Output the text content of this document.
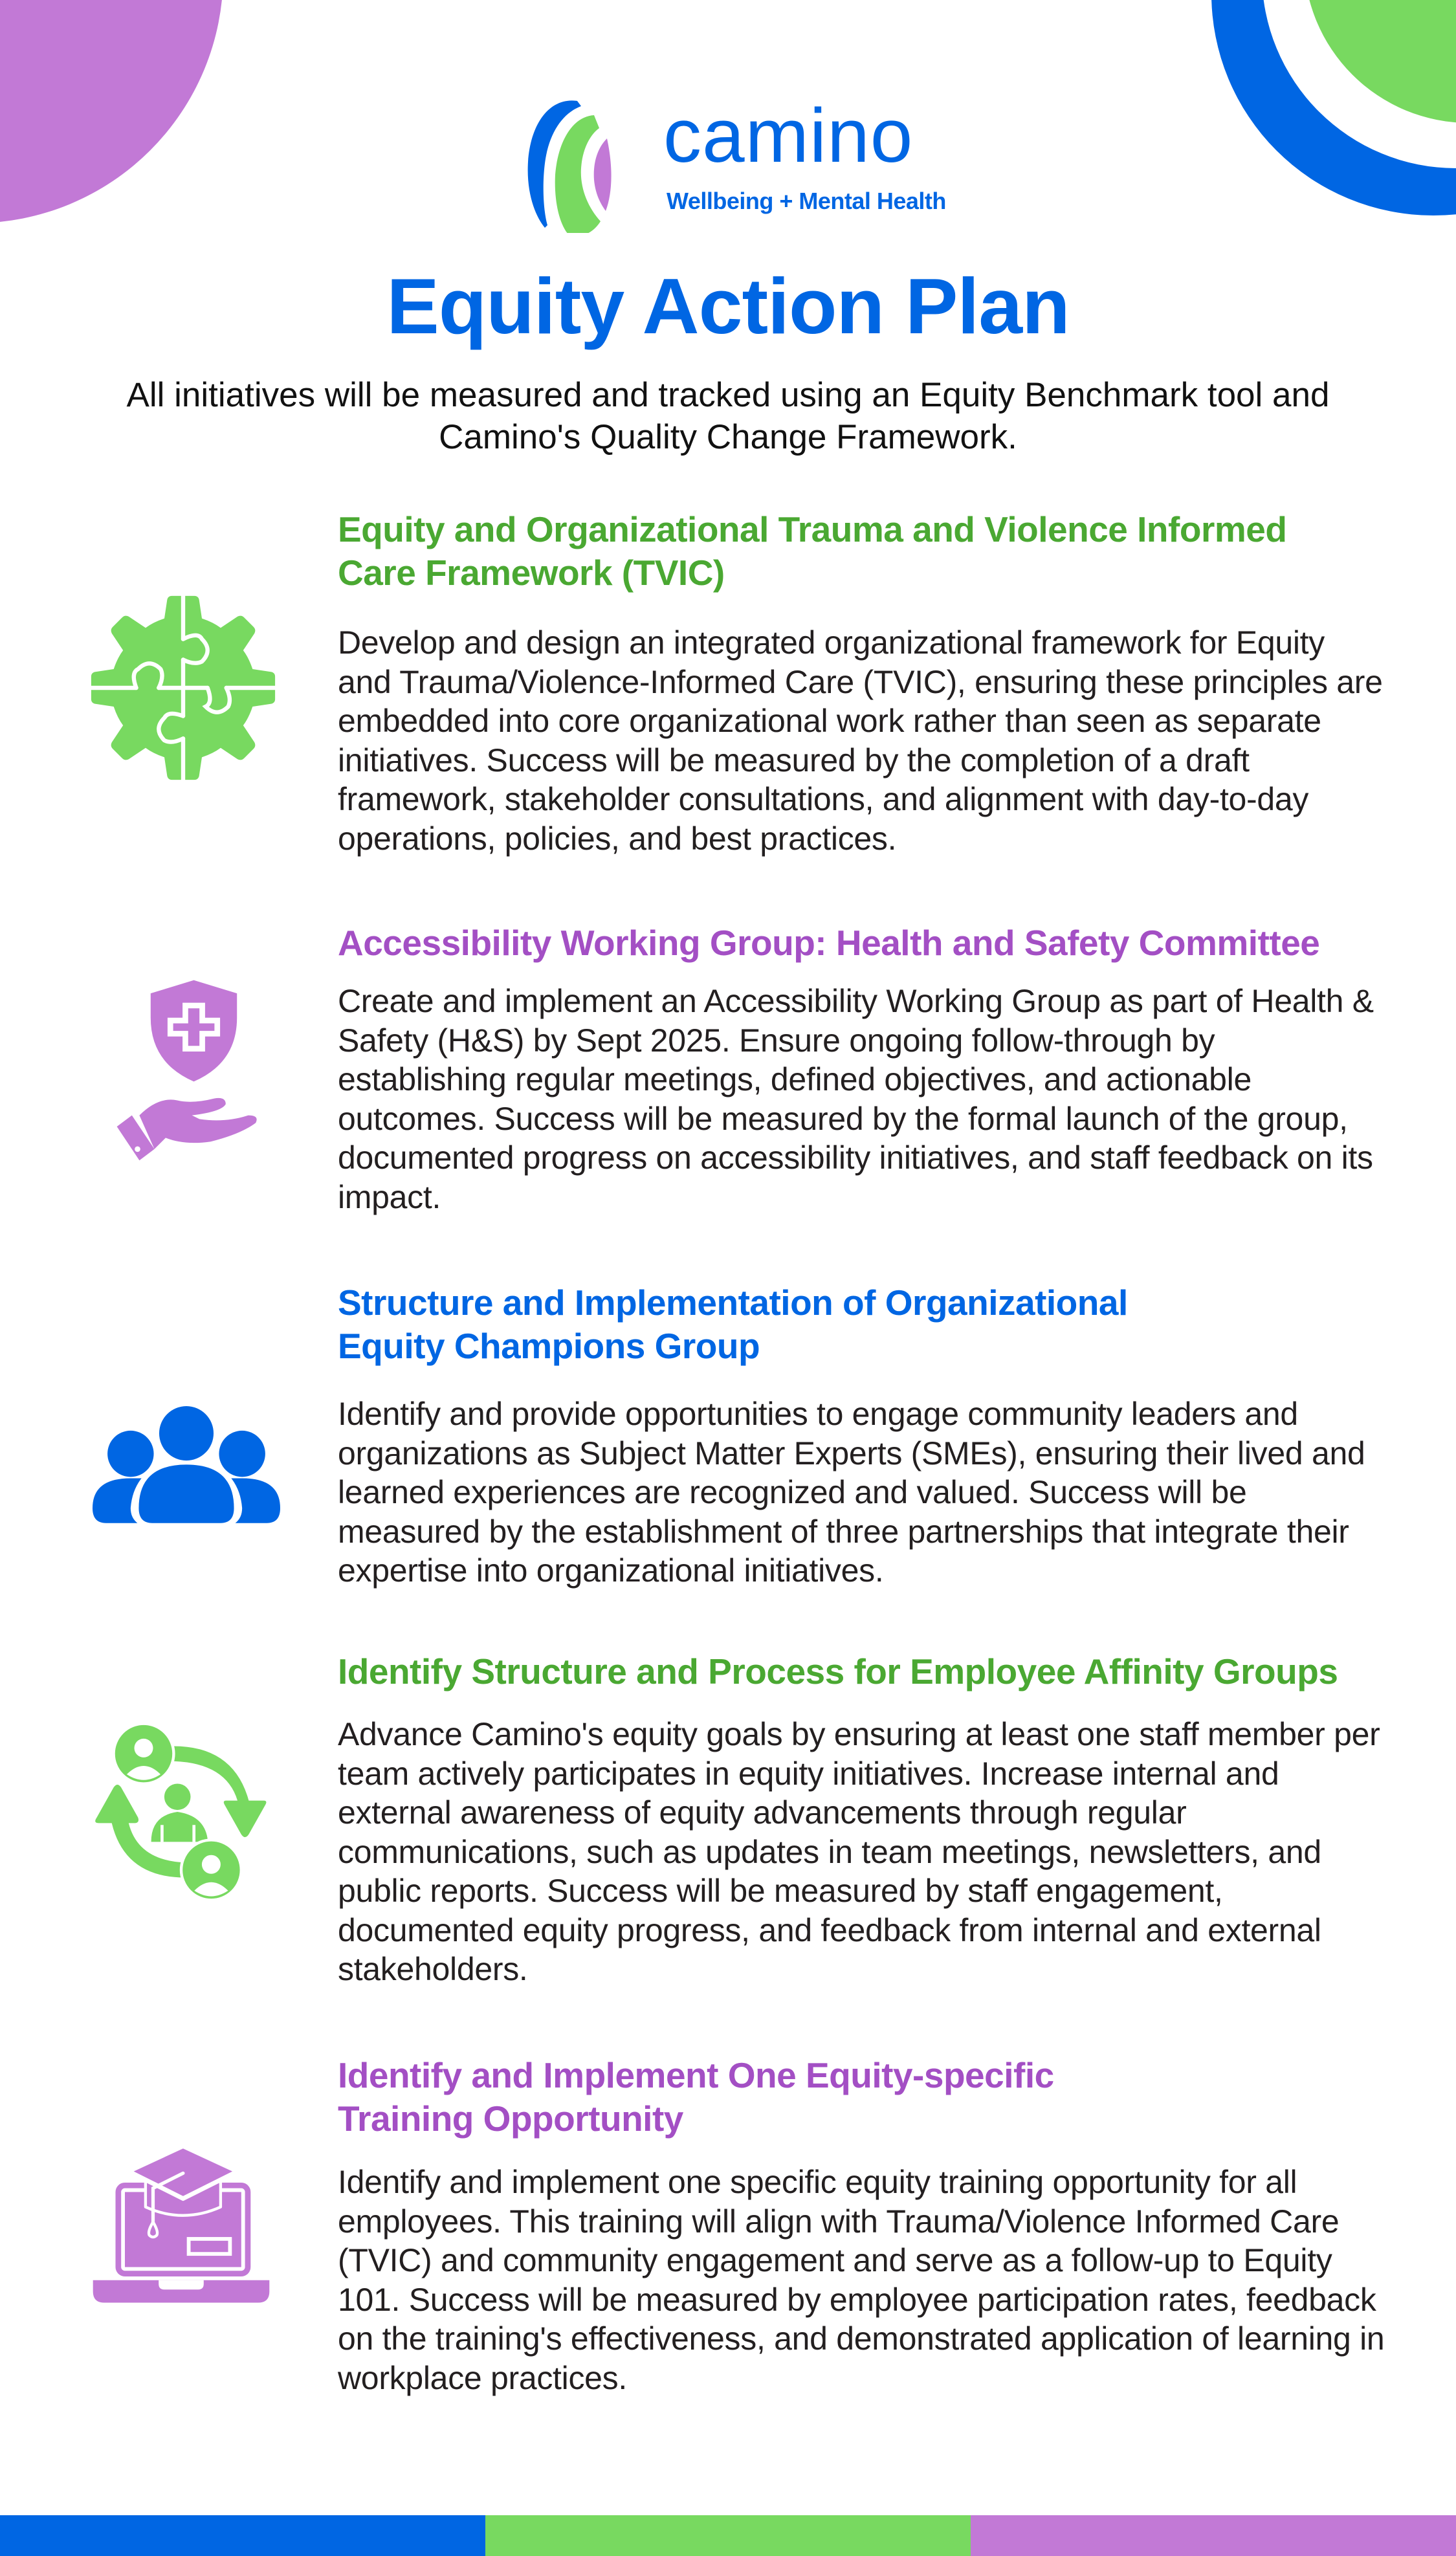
camino
Wellbeing + Mental Health
Equity Action Plan

All initiatives will be measured and tracked using an Equity Benchmark tool and Camino's Quality Change Framework.

Equity and Organizational Trauma and Violence Informed Care Framework (TVIC)

Develop and design an integrated organizational framework for Equity and Trauma/Violence-Informed Care (TVIC), ensuring these principles are embedded into core organizational work rather than seen as separate initiatives. Success will be measured by the completion of a draft framework, stakeholder consultations, and alignment with day-to-day operations, policies, and best practices.

Accessibility Working Group: Health and Safety Committee

Create and implement an Accessibility Working Group as part of Health & Safety (H&S) by Sept 2025. Ensure ongoing follow-through by establishing regular meetings, defined objectives, and actionable outcomes. Success will be measured by the formal launch of the group, documented progress on accessibility initiatives, and staff feedback on its impact.

Structure and Implementation of Organizational Equity Champions Group

Identify and provide opportunities to engage community leaders and organizations as Subject Matter Experts (SMEs), ensuring their lived and learned experiences are recognized and valued. Success will be measured by the establishment of three partnerships that integrate their expertise into organizational initiatives.

Identify Structure and Process for Employee Affinity Groups

Advance Camino's equity goals by ensuring at least one staff member per team actively participates in equity initiatives. Increase internal and external awareness of equity advancements through regular communications, such as updates in team meetings, newsletters, and public reports. Success will be measured by staff engagement, documented equity progress, and feedback from internal and external stakeholders.

Identify and Implement One Equity-specific Training Opportunity

Identify and implement one specific equity training opportunity for all employees. This training will align with Trauma/Violence Informed Care (TVIC) and community engagement and serve as a follow-up to Equity 101. Success will be measured by employee participation rates, feedback on the training's effectiveness, and demonstrated application of learning in workplace practices.
